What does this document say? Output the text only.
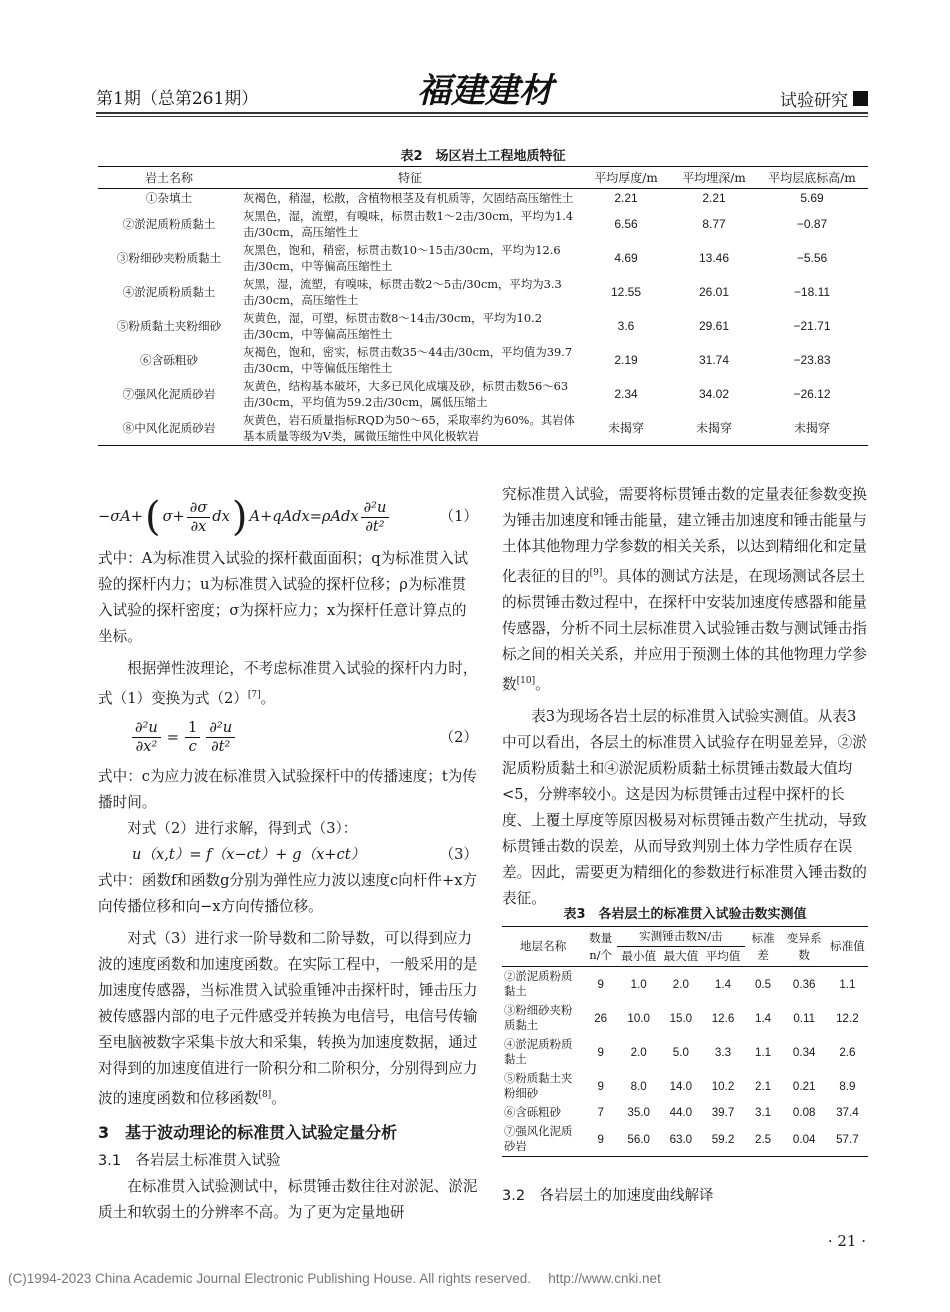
第1期（总第261期）	福建建材	试验研究
表2　场区岩土工程地质特征
岩土名称	特征	平均厚度/m	平均埋深/m	平均层底标高/m
①杂填土	灰褐色，稍湿，松散，含植物根茎及有机质等，欠固结高压缩性土	2.21	2.21	5.69
②淤泥质粉质黏土	灰黑色，湿，流塑，有嗅味，标贯击数1～2击/30cm，平均为1.4击/30cm，高压缩性土	6.56	8.77	−0.87
③粉细砂夹粉质黏土	灰黑色，饱和，稍密，标贯击数10～15击/30cm，平均为12.6击/30cm，中等偏高压缩性土	4.69	13.46	−5.56
④淤泥质粉质黏土	灰黑，湿，流塑，有嗅味，标贯击数2～5击/30cm，平均为3.3击/30cm，高压缩性土	12.55	26.01	−18.11
⑤粉质黏土夹粉细砂	灰黄色，湿，可塑，标贯击数8～14击/30cm，平均为10.2击/30cm，中等偏高压缩性土	3.6	29.61	−21.71
⑥含砾粗砂	灰褐色，饱和，密实，标贯击数35～44击/30cm，平均值为39.7击/30cm，中等偏低压缩性土	2.19	31.74	−23.83
⑦强风化泥质砂岩	灰黄色，结构基本破坏，大多已风化成壤及砂，标贯击数56～63击/30cm，平均值为59.2击/30cm，属低压缩土	2.34	34.02	−26.12
⑧中风化泥质砂岩	灰黄色，岩石质量指标RQD为50～65，采取率约为60%。其岩体基本质量等级为V类，属微压缩性中风化极软岩	未揭穿	未揭穿	未揭穿
−σA+ ( $\sigma+ \frac{\partial\sigma}{\partial x}$ dx ) A+qAdx=ρAdx $\frac{\text{∂²u}}{\text{∂t²}}$	（1）

式中：A为标准贯入试验的探杆截面面积；q为标准贯入试验的探杆内力；u为标准贯入试验的探杆位移；ρ为标准贯入试验的探杆密度；σ为探杆应力；x为探杆任意计算点的坐标。

根据弹性波理论，不考虑标准贯入试验的探杆内力时，式（1）变换为式（2）[7]。

$\frac{\text{∂²u}}{\text{∂x²}} = \frac{1}{c} \frac{\text{∂²u}}{\text{∂t²}}$	（2）

式中：c为应力波在标准贯入试验探杆中的传播速度；t为传播时间。

对式（2）进行求解，得到式（3）：

u（x,t）= f（x−ct）+ g（x+ct）	（3）

式中：函数f和函数g分别为弹性应力波以速度c向杆件+x方向传播位移和向−x方向传播位移。

对式（3）进行求一阶导数和二阶导数，可以得到应力波的速度函数和加速度函数。在实际工程中，一般采用的是加速度传感器，当标准贯入试验重锤冲击探杆时，锤击压力被传感器内部的电子元件感受并转换为电信号，电信号传输至电脑被数字采集卡放大和采集，转换为加速度数据，通过对得到的加速度值进行一阶积分和二阶积分，分别得到应力波的速度函数和位移函数[8]。

3　基于波动理论的标准贯入试验定量分析

3.1　各岩层土标准贯入试验

在标准贯入试验测试中，标贯锤击数往往对淤泥、淤泥质土和软弱土的分辨率不高。为了更为定量地研

究标准贯入试验，需要将标贯锤击数的定量表征参数变换为锤击加速度和锤击能量，建立锤击加速度和锤击能量与土体其他物理力学参数的相关关系，以达到精细化和定量化表征的目的[9]。具体的测试方法是，在现场测试各层土的标贯锤击数过程中，在探杆中安装加速度传感器和能量传感器，分析不同土层标准贯入试验锤击数与测试锤击指标之间的相关关系，并应用于预测土体的其他物理力学参数[10]。

表3为现场各岩土层的标准贯入试验实测值。从表3中可以看出，各层土的标准贯入试验存在明显差异，②淤泥质粉质黏土和④淤泥质粉质黏土标贯锤击数最大值均<5，分辨率较小。这是因为标贯锤击过程中探杆的长度、上覆土厚度等原因极易对标贯锤击数产生扰动，导致标贯锤击数的误差，从而导致判别土体力学性质存在误差。因此，需要更为精细化的参数进行标准贯入锤击数的表征。

表3　各岩层土的标准贯入试验击数实测值
地层名称	数量n/个	实测锤击数N/击			标准差	变异系数	标准值
		最小值	最大值	平均值			
②淤泥质粉质黏土	9	1.0	2.0	1.4	0.5	0.36	1.1
③粉细砂夹粉质黏土	26	10.0	15.0	12.6	1.4	0.11	12.2
④淤泥质粉质黏土	9	2.0	5.0	3.3	1.1	0.34	2.6
⑤粉质黏土夹粉细砂	9	8.0	14.0	10.2	2.1	0.21	8.9
⑥含砾粗砂	7	35.0	44.0	39.7	3.1	0.08	37.4
⑦强风化泥质砂岩	9	56.0	63.0	59.2	2.5	0.04	57.7

3.2　各岩层土的加速度曲线解译

· 21 ·
(C)1994-2023 China Academic Journal Electronic Publishing House. All rights reserved.　 http://www.cnki.net
